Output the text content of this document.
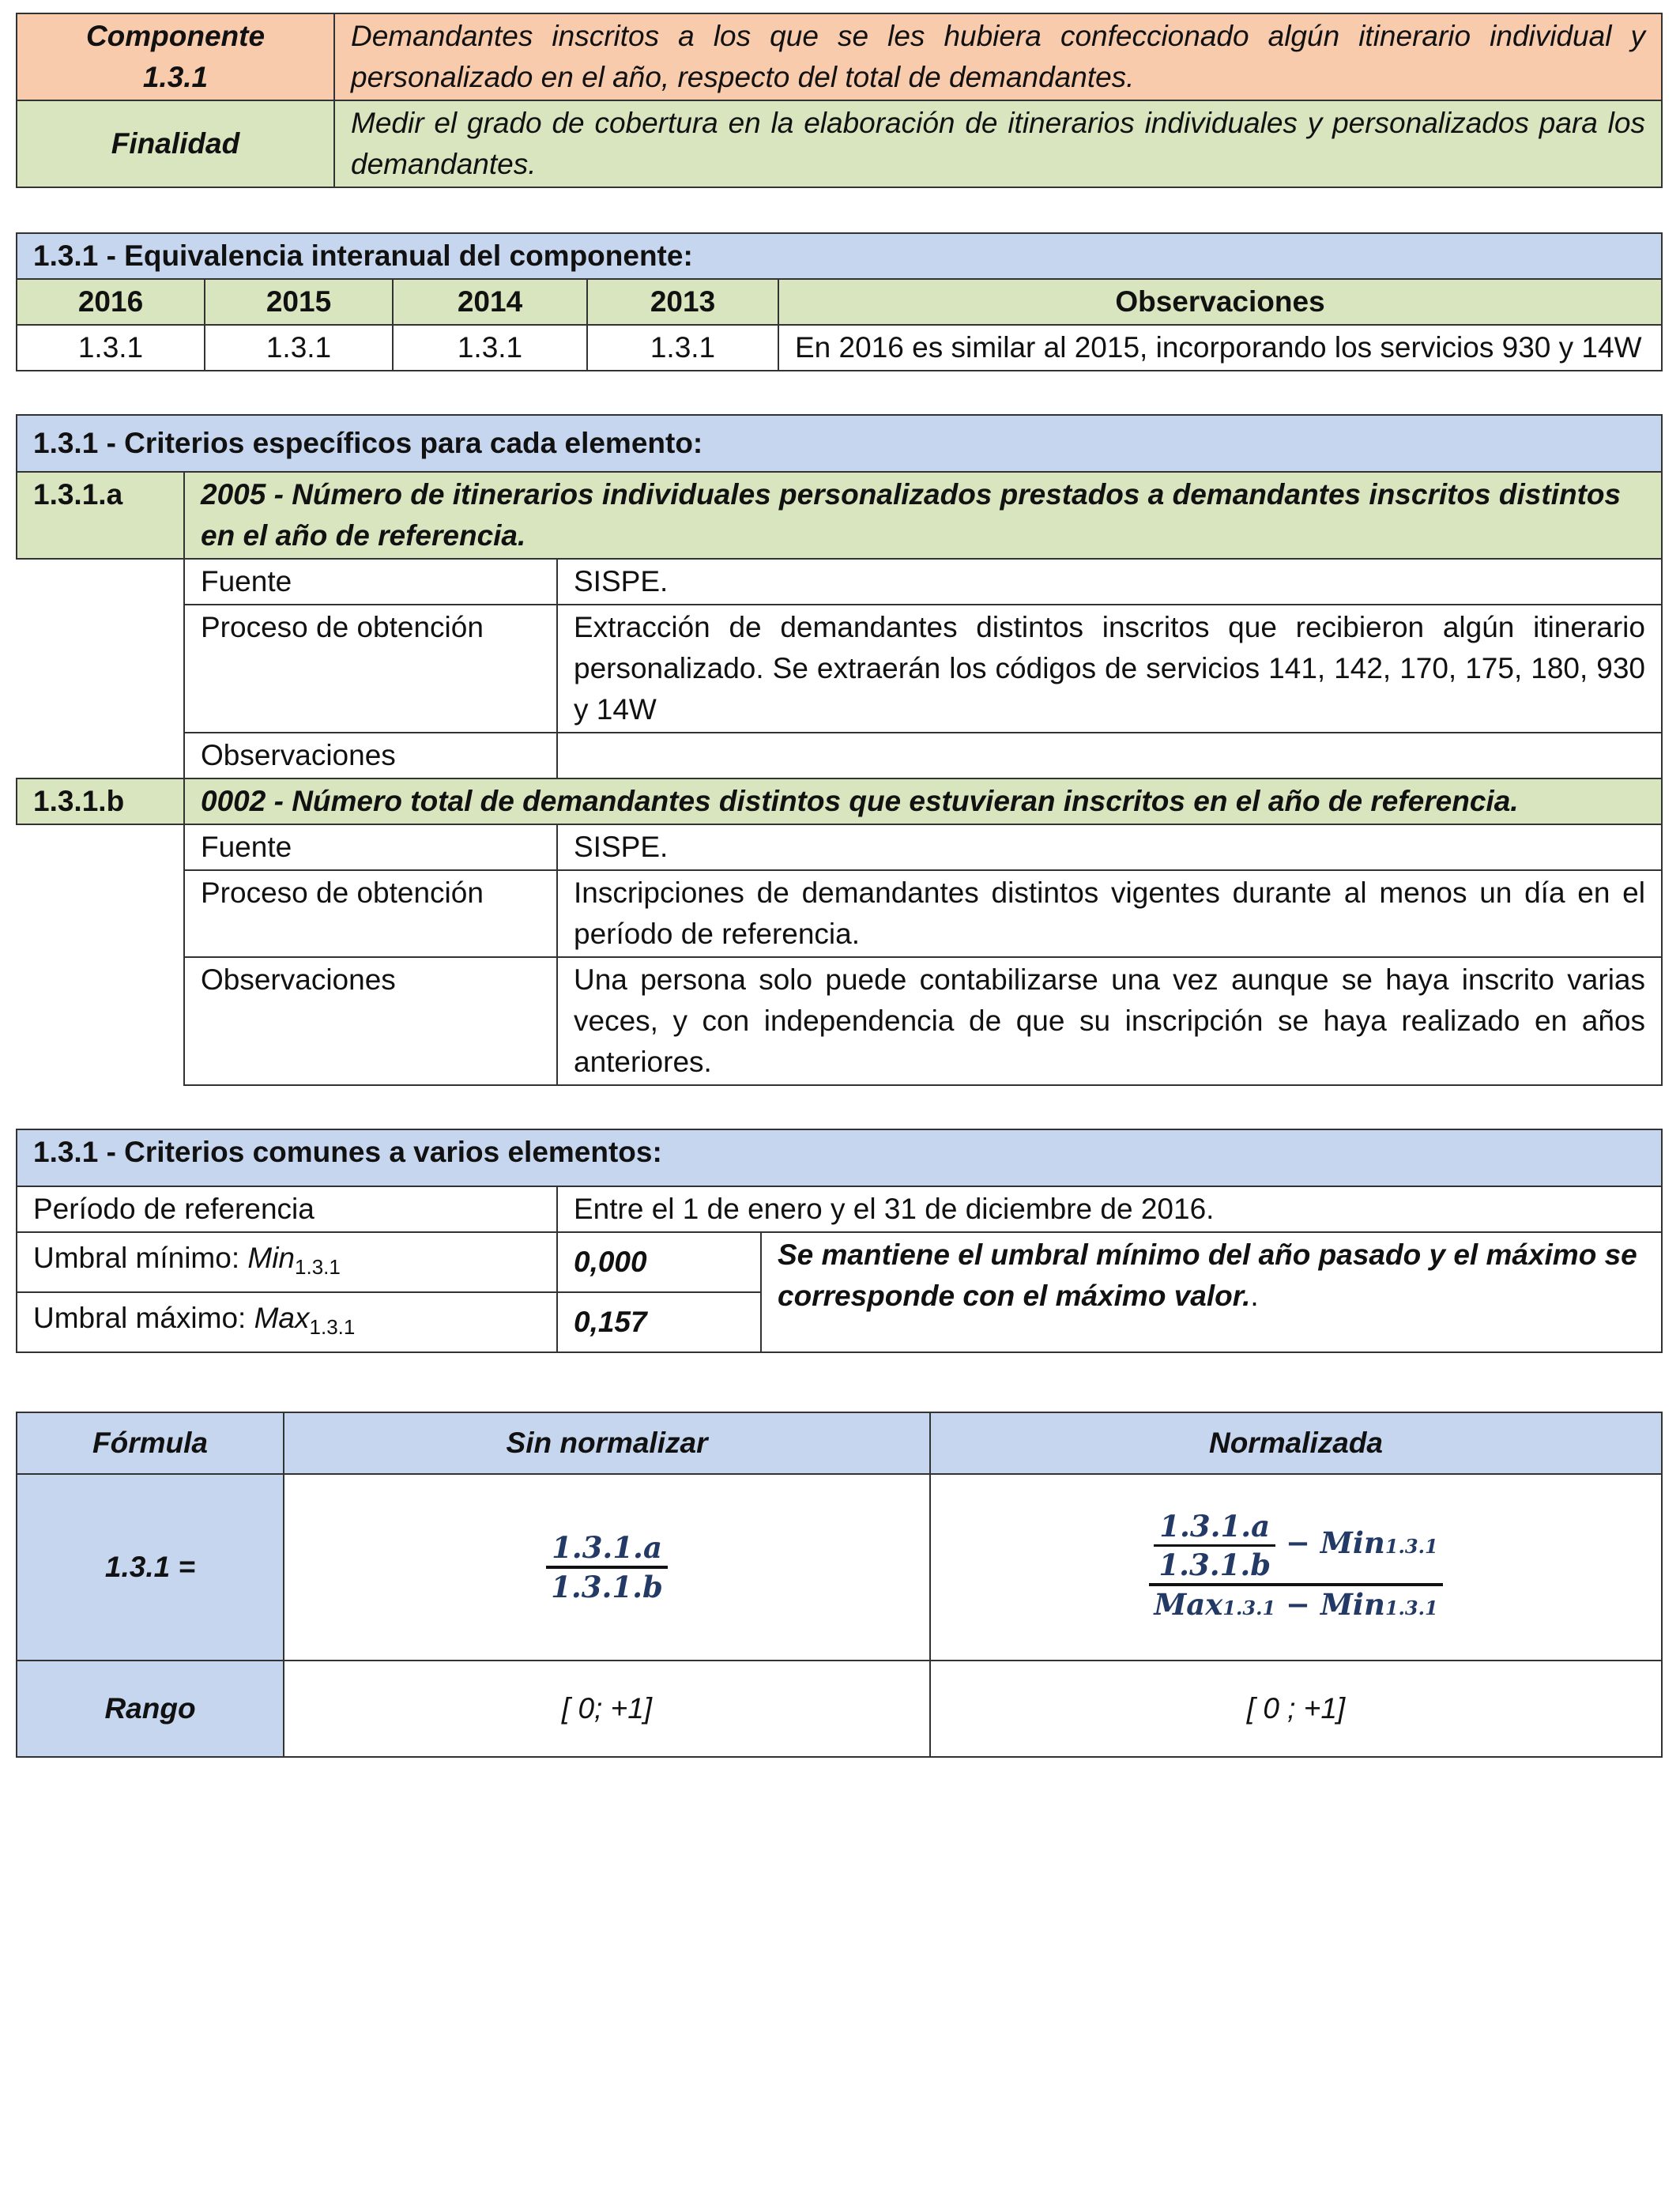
Componente
1.3.1	Demandantes inscritos a los que se les hubiera confeccionado algún itinerario individual y personalizado en el año, respecto del total de demandantes.
Finalidad	Medir el grado de cobertura en la elaboración de itinerarios individuales y personalizados para los demandantes.
1.3.1 - Equivalencia interanual del componente:				
2016	2015	2014	2013	Observaciones
1.3.1	1.3.1	1.3.1	1.3.1	En 2016 es similar al 2015, incorporando los servicios 930 y 14W
1.3.1 - Criterios específicos para cada elemento:		
1.3.1.a	2005 - Número de itinerarios individuales personalizados prestados a demandantes inscritos distintos en el año de referencia.	
	Fuente	SISPE.
	Proceso de obtención	Extracción de demandantes distintos inscritos que recibieron algún itinerario personalizado. Se extraerán los códigos de servicios 141, 142, 170, 175, 180, 930 y 14W
	Observaciones	
1.3.1.b	0002 - Número total de demandantes distintos que estuvieran inscritos en el año de referencia.	
	Fuente	SISPE.
	Proceso de obtención	Inscripciones de demandantes distintos vigentes durante al menos un día en el período de referencia.
	Observaciones	Una persona solo puede contabilizarse una vez aunque se haya inscrito varias veces, y con independencia de que su inscripción se haya realizado en años anteriores.
1.3.1 - Criterios comunes a varios elementos:		
Período de referencia	Entre el 1 de enero y el 31 de diciembre de 2016.	
Umbral mínimo: Min$_{1.3.1}$	0,000	Se mantiene el umbral mínimo del año pasado y el máximo se corresponde con el máximo valor..
Umbral máximo: Max$_{1.3.1}$	0,157	
Fórmula	Sin normalizar	Normalizada
1.3.1 =	$\frac{1.3.1.a}{1.3.1.b}$	$\frac{1.3.1.a}{1.3.1.b} - Min1.3.1$
Max1.3.1 − Min1.3.1

Rango	[ 0; +1]	[ 0 ; +1]
